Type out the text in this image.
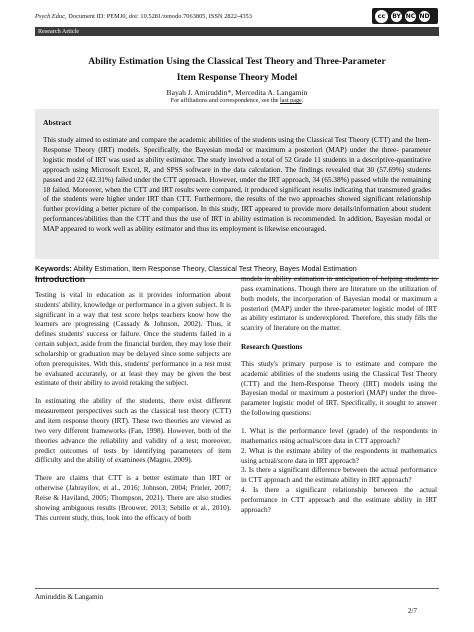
Psych Educ, Document ID: PEMJ0, doi: 10.5281/zenodo.7063805, ISSN 2822-4353	cc	BY NC ND
Research Article
Ability Estimation Using the Classical Test Theory and Three-Parameter
Item Response Theory Model
Bayah J. Amiruddin*, Mercedita A. Langamin
For affiliations and correspondence, see the last page.
Abstract

This study aimed to estimate and compare the academic abilities of the students using the Classical Test Theory (CTT) and the Item-Response Theory (IRT) models. Specifically, the Bayesian modal or maximum a posteriori (MAP) under the three- parameter logistic model of IRT was used as ability estimator. The study involved a total of 52 Grade 11 students in a descriptive-quantitative approach using Microsoft Excel, R, and SPSS software in the data calculation. The findings revealed that 30 (57.69%) students passed and 22 (42.31%) failed under the CTT approach. However, under the IRT approach, 34 (65.38%) passed while the remaining 18 failed. Moreover, when the CTT and IRT results were compared, it produced significant results indicating that transmuted grades of the students were higher under IRT than CTT. Furthermore, the results of the two approaches showed significant relationship further providing a better picture of the comparison. In this study, IRT appeared to provide more details/information about student performances/abilities than the CTT and thus the use of IRT in ability estimation is recommended. In addition, Bayesian modal or MAP appeared to work well as ability estimator and thus its employment is likewise encouraged.

Keywords: Ability Estimation, Item Response Theory, Classical Test Theory, Bayes Modal Estimation
Introduction

Testing is vital in education as it provides information about students' ability, knowledge or performance in a given subject. It is significant in a way that test score helps teachers know how the learners are progressing (Cassady & Johnson, 2002). Thus, it defines students' success or failure. Once the students failed in a certain subject, aside from the financial burden, they may lose their scholarship or graduation may be delayed since some subjects are often prerequisites. With this, students' performance in a test must be evaluated accurately, or at least they may be given the best estimate of their ability to avoid retaking the subject.

In estimating the ability of the students, there exist different measurement perspectives such as the classical test theory (CTT) and item response theory (IRT). These two theories are viewed as two very different frameworks (Fan, 1998). However, both of the theories advance the reliability and validity of a test; moreover, predict outcomes of tests by identifying parameters of item difficulty and the ability of examinees (Magno, 2009).

There are claims that CTT is a better estimate than IRT or otherwise (Jabrayilov, et al., 2016; Johnson, 2004; Prieler, 2007; Reise & Haviland, 2005; Thompson, 2021). There are also studies showing ambiguous results (Brouwer, 2013; Sebille et al., 2010). This current study, thus, look into the efficacy of both

models in ability estimation in anticipation of helping students to pass examinations. Though there are literature on the utilization of both models, the incorporation of Bayesian modal or maximum a posteriori (MAP) under the three-parameter logistic model of IRT as ability estimator is underexplored. Therefore, this study fills the scarcity of literature on the matter.

Research Questions

This study's primary purpose is to estimate and compare the academic abilities of the students using the Classical Test Theory (CTT) and the Item-Response Theory (IRT) models using the Bayesian modal or maximum a posteriori (MAP) under the three-parameter logistic model of IRT. Specifically, it sought to answer the following questions:

1. What is the performance level (grade) of the respondents in mathematics using actual/score data in CTT approach?

2. What is the estimate ability of the respondents in mathematics using actual/score data in IRT approach?

3. Is there a significant difference between the actual performance in CTT approach and the estimate ability in IRT approach?

4. Is there a significant relationship between the actual performance in CTT approach and the estimate ability in IRT approach?

Amiruddin & Langamin
2/7
